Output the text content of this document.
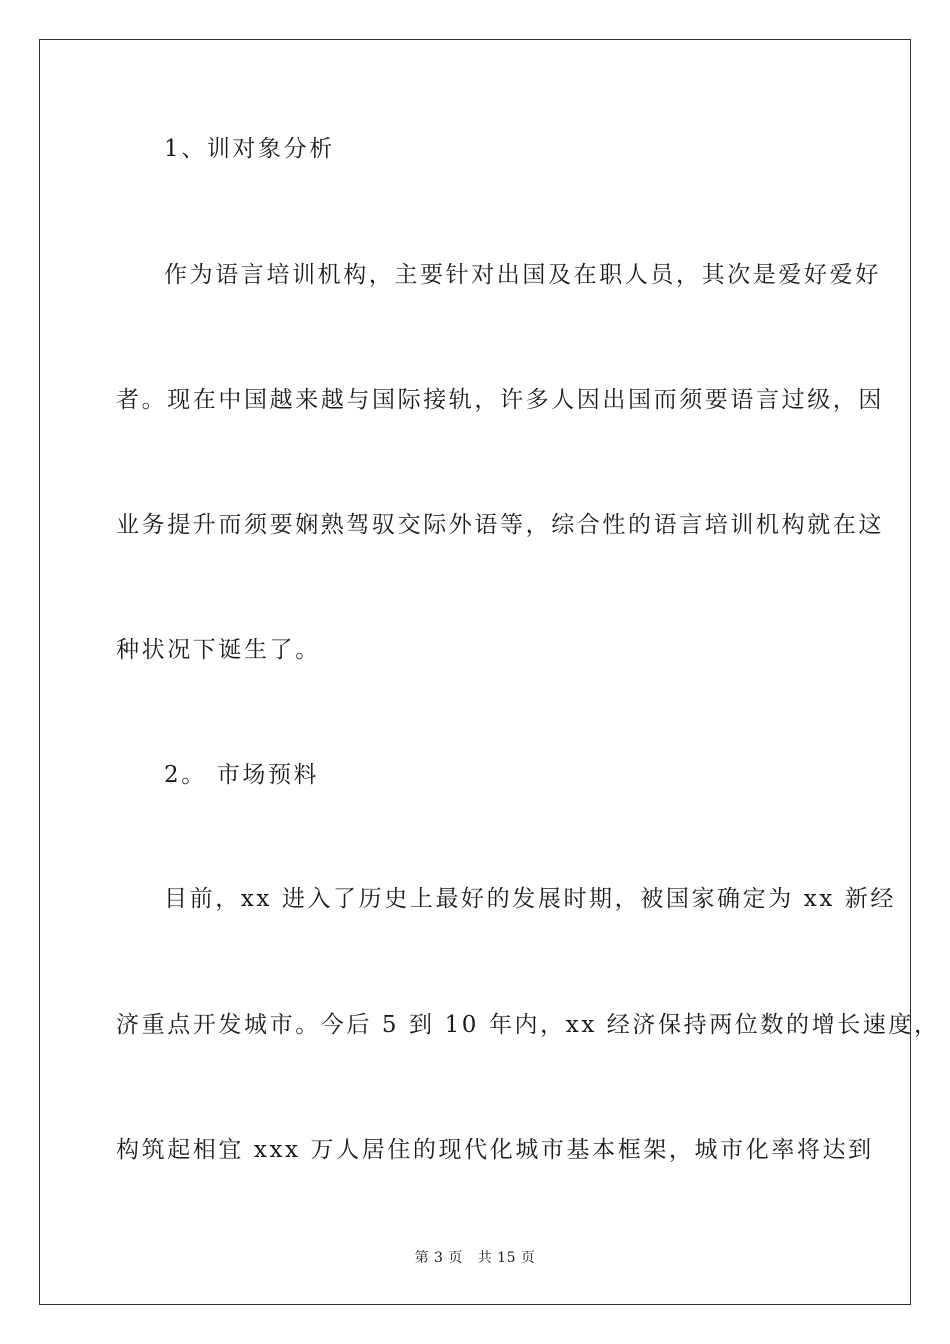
1、训对象分析
作为语言培训机构，主要针对出国及在职人员，其次是爱好爱好
者。现在中国越来越与国际接轨，许多人因出国而须要语言过级，因
业务提升而须要娴熟驾驭交际外语等，综合性的语言培训机构就在这
种状况下诞生了。
2。 市场预料
目前，xx 进入了历史上最好的发展时期，被国家确定为 xx 新经
济重点开发城市。今后 5 到 10 年内，xx 经济保持两位数的增长速度，
构筑起相宜 xxx 万人居住的现代化城市基本框架，城市化率将达到
第 3 页   共 15 页
